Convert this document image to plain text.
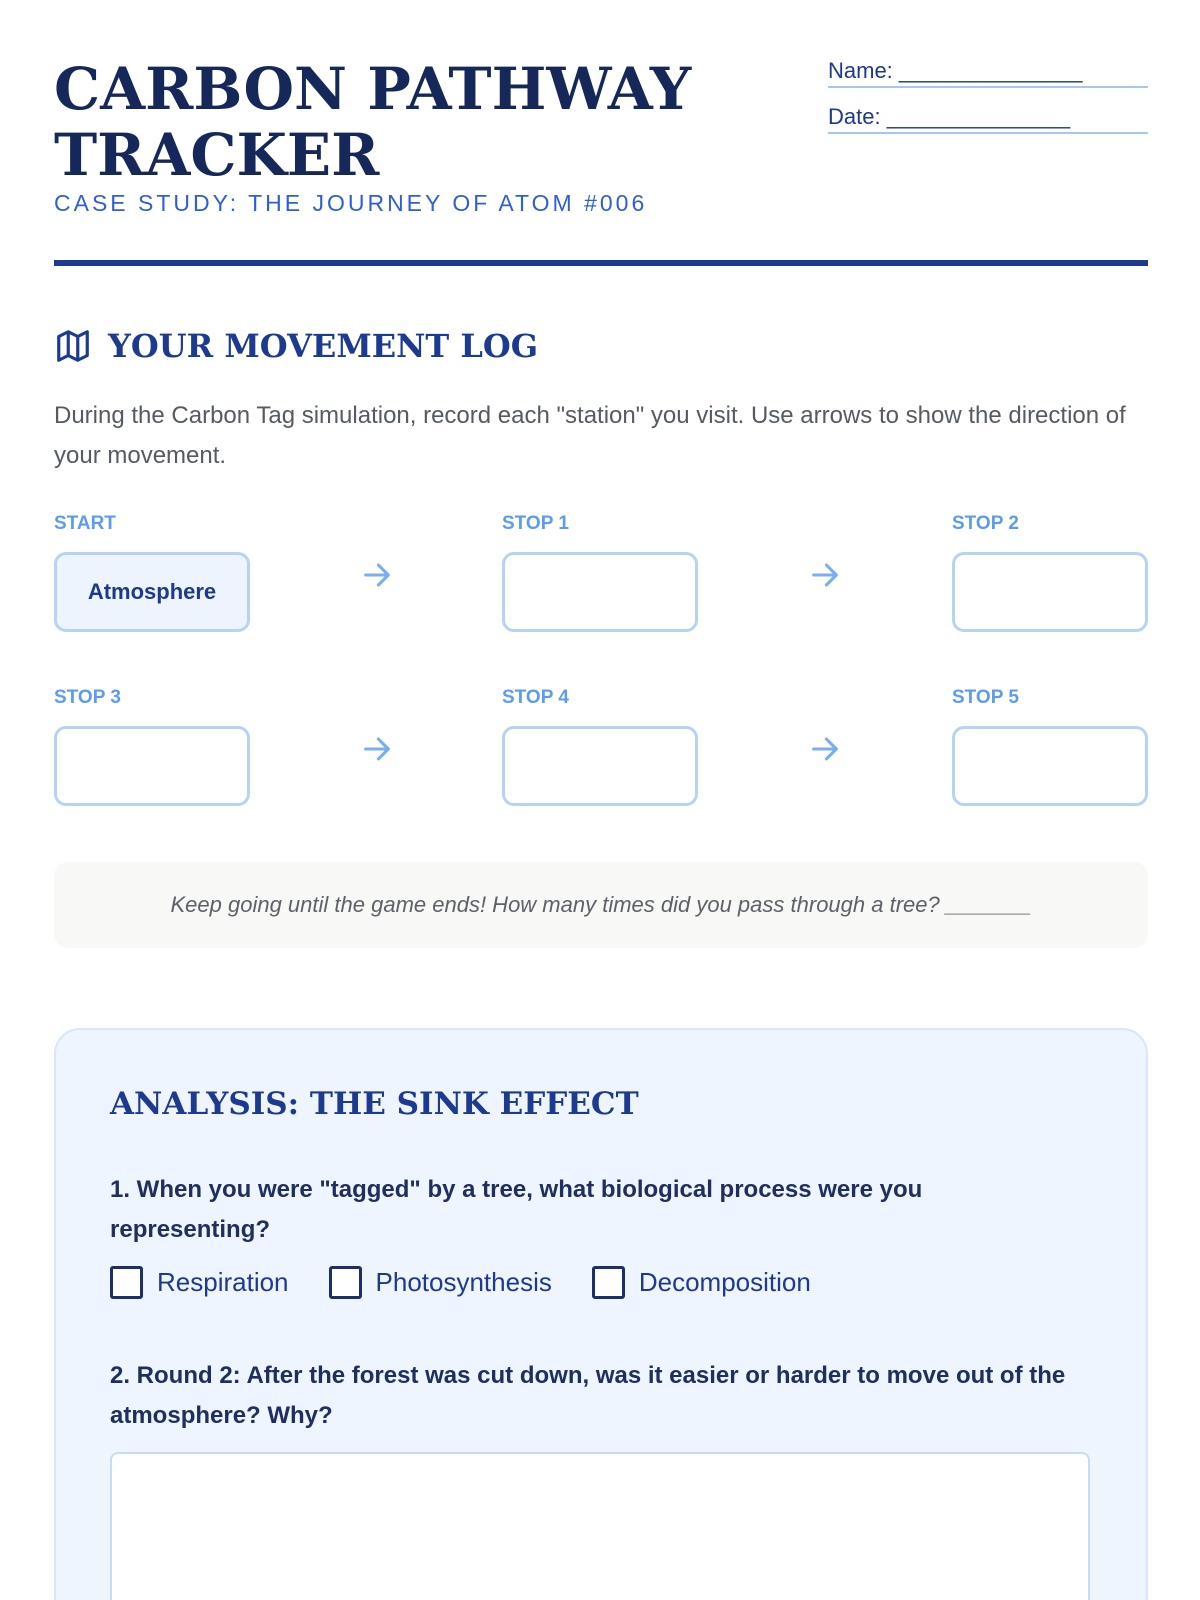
CARBON PATHWAY TRACKER
CASE STUDY: THE JOURNEY OF ATOM #006
Name: _______________
Date: _______________
YOUR MOVEMENT LOG

During the Carbon Tag simulation, record each "station" you visit. Use arrows to show the direction of your movement.

START
Atmosphere
STOP 1	STOP 2
STOP 3	STOP 4	STOP 5
Keep going until the game ends! How many times did you pass through a tree? _______
ANALYSIS: THE SINK EFFECT

1. When you were "tagged" by a tree, what biological process were you representing?

Respiration	Photosynthesis	Decomposition

2. Round 2: After the forest was cut down, was it easier or harder to move out of the atmosphere? Why?
